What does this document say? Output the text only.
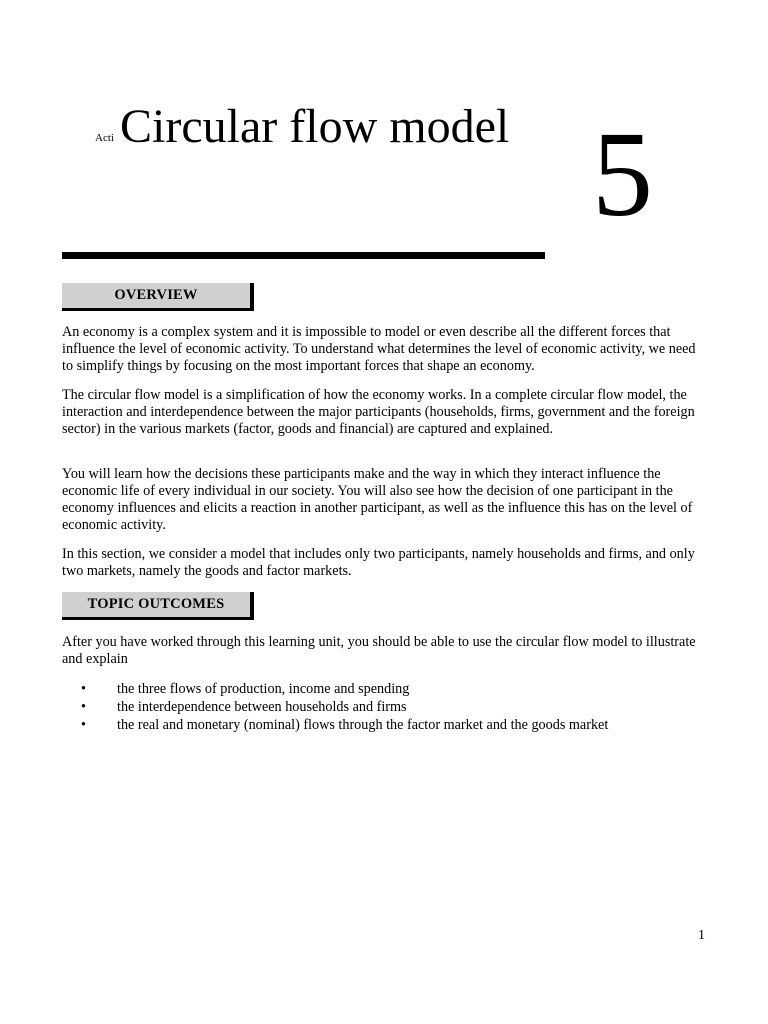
Acti Circular flow model 5
OVERVIEW

An economy is a complex system and it is impossible to model or even describe all the different forces that influence the level of economic activity. To understand what determines the level of economic activity, we need to simplify things by focusing on the most important forces that shape an economy.

The circular flow model is a simplification of how the economy works. In a complete circular flow model, the interaction and interdependence between the major participants (households, firms, government and the foreign sector) in the various markets (factor, goods and financial) are captured and explained.

You will learn how the decisions these participants make and the way in which they interact influence the economic life of every individual in our society. You will also see how the decision of one participant in the economy influences and elicits a reaction in another participant, as well as the influence this has on the level of economic activity.

In this section, we consider a model that includes only two participants, namely households and firms, and only two markets, namely the goods and factor markets.

TOPIC OUTCOMES

After you have worked through this learning unit, you should be able to use the circular flow model to illustrate and explain

• the three flows of production, income and spending
• the interdependence between households and firms
• the real and monetary (nominal) flows through the factor market and the goods market
1
